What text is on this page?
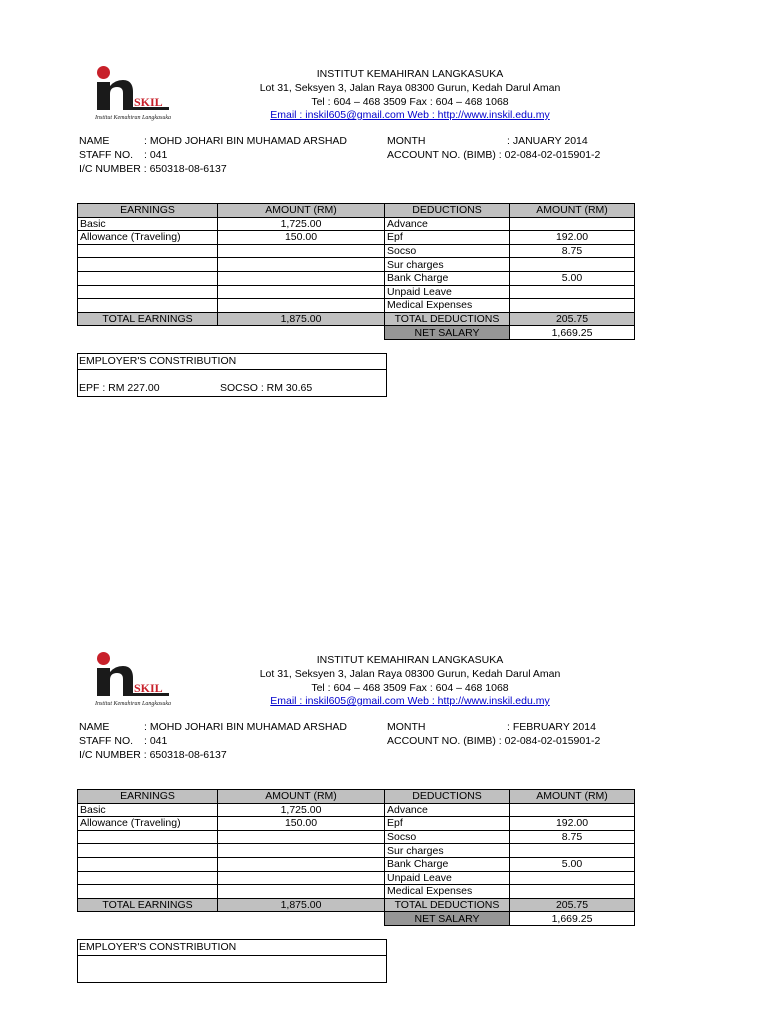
SKIL
Institut Kemahiran Langkasuka
INSTITUT KEMAHIRAN LANGKASUKA
Lot 31, Seksyen 3, Jalan Raya 08300 Gurun, Kedah Darul Aman
Tel : 604 – 468 3509 Fax : 604 – 468 1068
Email : inskil605@gmail.com Web : http://www.inskil.edu.my
NAME	: MOHD JOHARI BIN MUHAMAD ARSHAD
STAFF NO. : 041
I/C NUMBER : 650318-08-6137
MONTH	: JANUARY 2014
ACCOUNT NO. (BIMB) : 02-084-02-015901-2
EARNINGS	AMOUNT (RM)	DEDUCTIONS	AMOUNT (RM)
Basic	1,725.00	Advance	
Allowance (Traveling)	150.00	Epf	192.00
		Socso	8.75
		Sur charges	
		Bank Charge	5.00
		Unpaid Leave	
		Medical Expenses	
TOTAL EARNINGS	1,875.00	TOTAL DEDUCTIONS	205.75
		NET SALARY	1,669.25
EMPLOYER'S CONSTRIBUTION
EPF : RM 227.00	SOCSO : RM 30.65
SKIL
Institut Kemahiran Langkasuka
INSTITUT KEMAHIRAN LANGKASUKA
Lot 31, Seksyen 3, Jalan Raya 08300 Gurun, Kedah Darul Aman
Tel : 604 – 468 3509 Fax : 604 – 468 1068
Email : inskil605@gmail.com Web : http://www.inskil.edu.my
NAME	: MOHD JOHARI BIN MUHAMAD ARSHAD
STAFF NO. : 041
I/C NUMBER : 650318-08-6137
MONTH	: FEBRUARY 2014
ACCOUNT NO. (BIMB) : 02-084-02-015901-2
EARNINGS	AMOUNT (RM)	DEDUCTIONS	AMOUNT (RM)
Basic	1,725.00	Advance	
Allowance (Traveling)	150.00	Epf	192.00
		Socso	8.75
		Sur charges	
		Bank Charge	5.00
		Unpaid Leave	
		Medical Expenses	
TOTAL EARNINGS	1,875.00	TOTAL DEDUCTIONS	205.75
		NET SALARY	1,669.25
EMPLOYER'S CONSTRIBUTION
